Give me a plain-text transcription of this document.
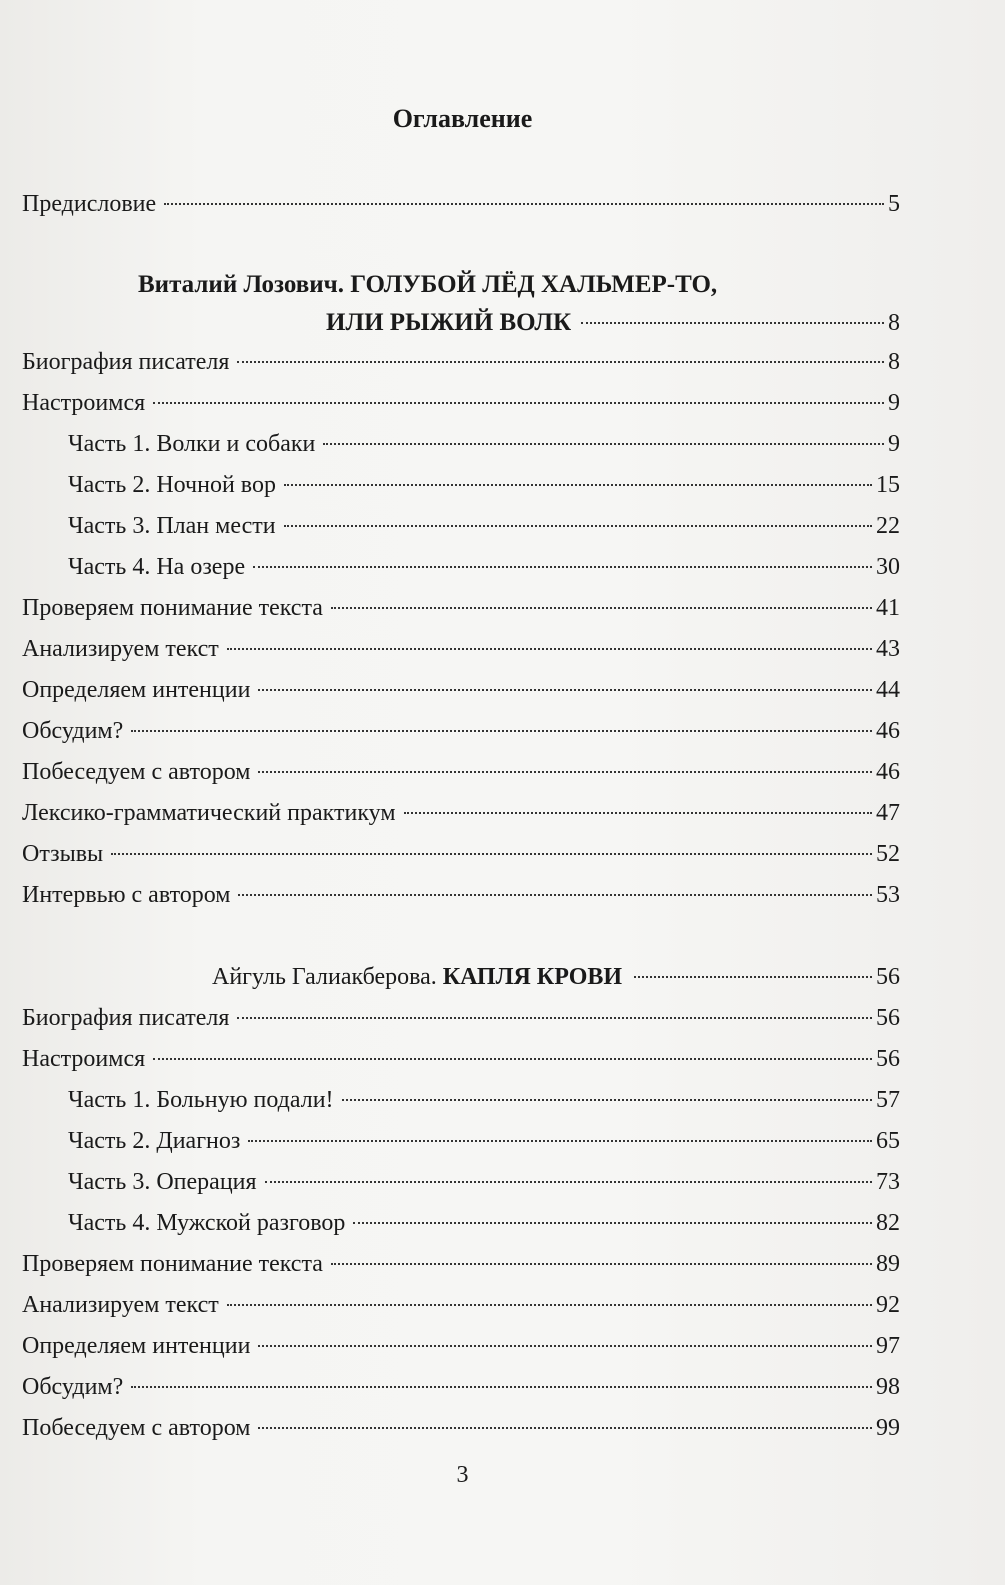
Оглавление
Предисловие	5
Виталий Лозович. ГОЛУБОЙ ЛЁД ХАЛЬМЕР-ТО,
ИЛИ РЫЖИЙ ВОЛК	8
Биография писателя	8
Настроимся	9
Часть 1. Волки и собаки	9
Часть 2. Ночной вор	15
Часть 3. План мести	22
Часть 4. На озере	30
Проверяем понимание текста	41
Анализируем текст	43
Определяем интенции	44
Обсудим?	46
Побеседуем с автором	46
Лексико-грамматический практикум	47
Отзывы	52
Интервью с автором	53
Айгуль Галиакберова. КАПЛЯ КРОВИ	56
Биография писателя	56
Настроимся	56
Часть 1. Больную подали!	57
Часть 2. Диагноз	65
Часть 3. Операция	73
Часть 4. Мужской разговор	82
Проверяем понимание текста	89
Анализируем текст	92
Определяем интенции	97
Обсудим?	98
Побеседуем с автором	99
3
